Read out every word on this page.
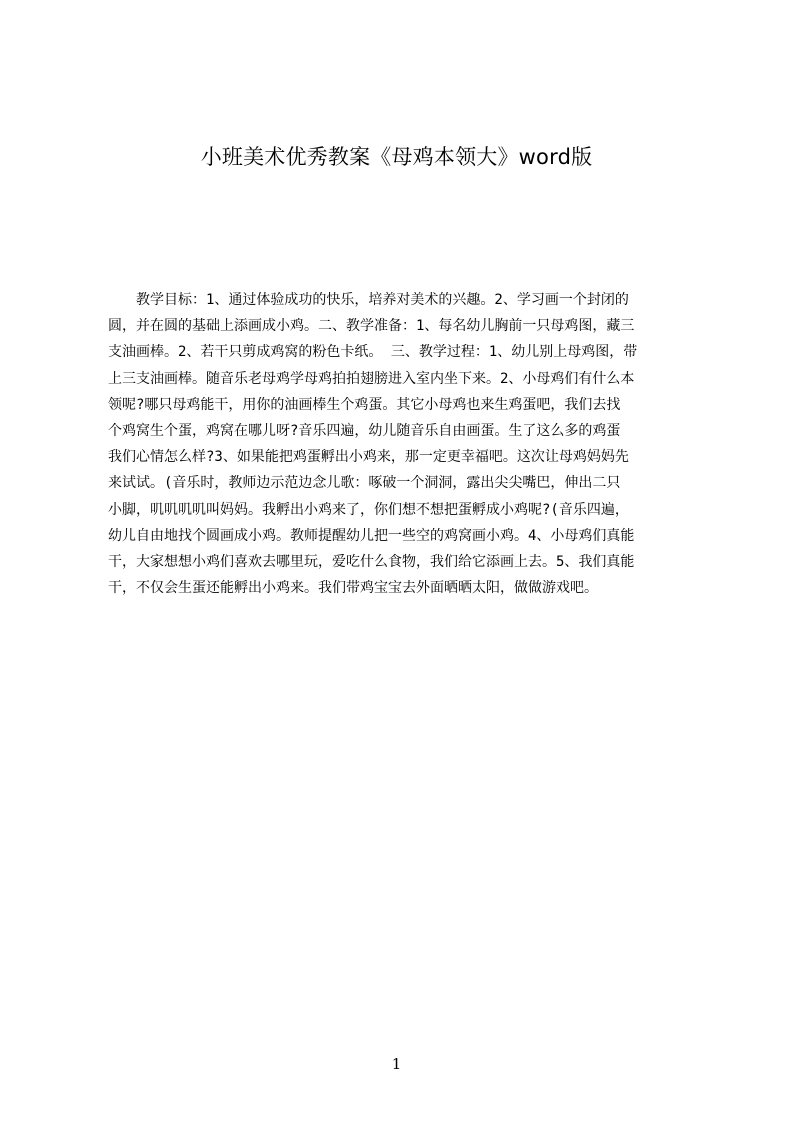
小班美术优秀教案《母鸡本领大》word版
教学目标：1、通过体验成功的快乐，培养对美术的兴趣。2、学习画一个封闭的
圆，并在圆的基础上添画成小鸡。二、教学准备：1、每名幼儿胸前一只母鸡图，藏三
支油画棒。2、若干只剪成鸡窝的粉色卡纸。 三、教学过程：1、幼儿别上母鸡图，带
上三支油画棒。随音乐老母鸡学母鸡拍拍翅膀进入室内坐下来。2、小母鸡们有什么本
领呢?哪只母鸡能干，用你的油画棒生个鸡蛋。其它小母鸡也来生鸡蛋吧，我们去找
个鸡窝生个蛋，鸡窝在哪儿呀?音乐四遍，幼儿随音乐自由画蛋。生了这么多的鸡蛋
我们心情怎么样?3、如果能把鸡蛋孵出小鸡来，那一定更幸福吧。这次让母鸡妈妈先
来试试。(音乐时，教师边示范边念儿歌：啄破一个洞洞，露出尖尖嘴巴，伸出二只
小脚，叽叽叽叽叫妈妈。我孵出小鸡来了，你们想不想把蛋孵成小鸡呢?(音乐四遍，
幼儿自由地找个圆画成小鸡。教师提醒幼儿把一些空的鸡窝画小鸡。4、小母鸡们真能
干，大家想想小鸡们喜欢去哪里玩，爱吃什么食物，我们给它添画上去。5、我们真能
干，不仅会生蛋还能孵出小鸡来。我们带鸡宝宝去外面晒晒太阳，做做游戏吧。
1
